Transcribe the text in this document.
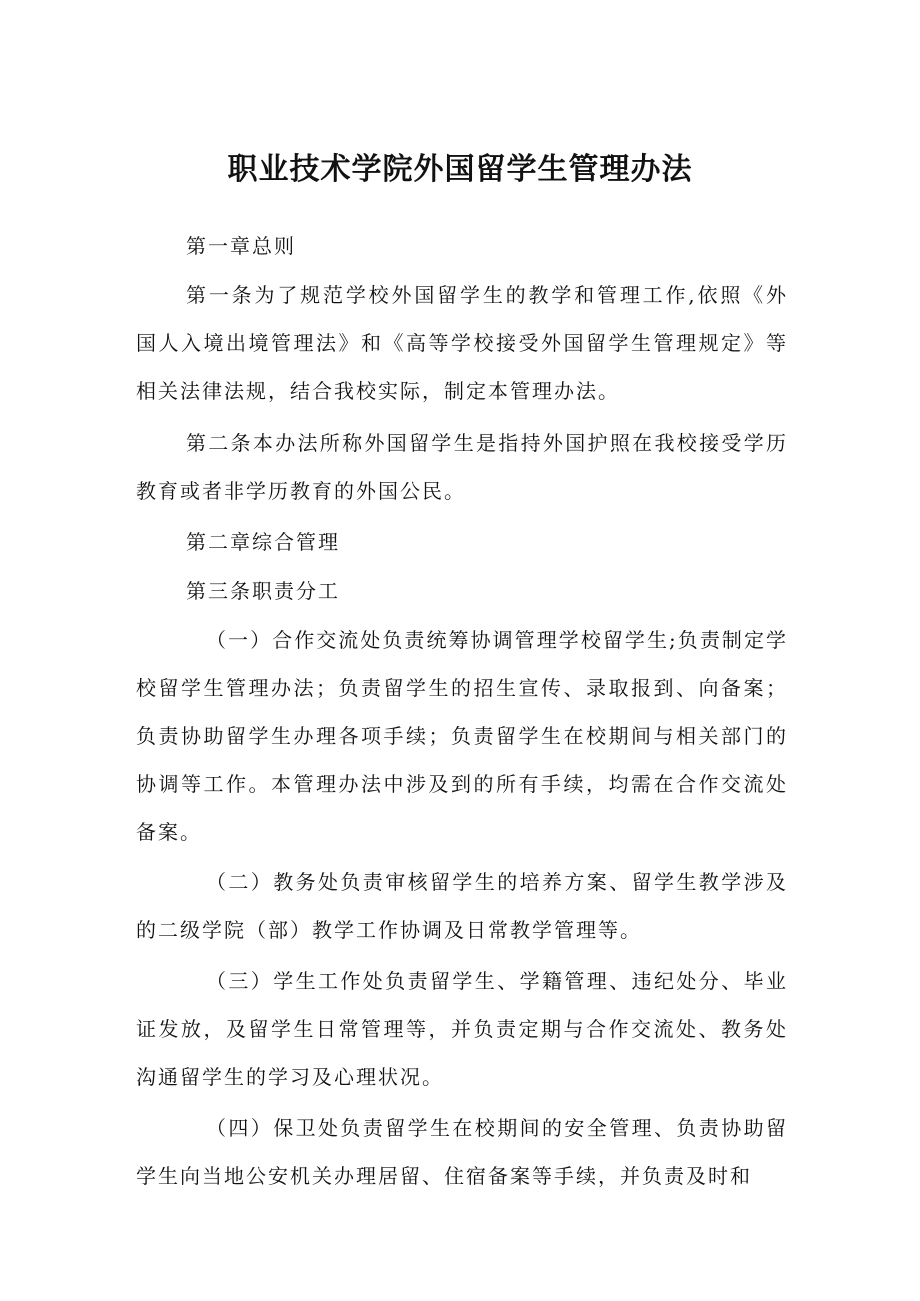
职业技术学院外国留学生管理办法

第一章总则

第一条为了规范学校外国留学生的教学和管理工作,依照《外国人入境出境管理法》和《高等学校接受外国留学生管理规定》等相关法律法规，结合我校实际，制定本管理办法。

第二条本办法所称外国留学生是指持外国护照在我校接受学历教育或者非学历教育的外国公民。

第二章综合管理

第三条职责分工

（一）合作交流处负责统筹协调管理学校留学生;负责制定学校留学生管理办法；负责留学生的招生宣传、录取报到、向备案；负责协助留学生办理各项手续；负责留学生在校期间与相关部门的协调等工作。本管理办法中涉及到的所有手续，均需在合作交流处备案。

（二）教务处负责审核留学生的培养方案、留学生教学涉及的二级学院（部）教学工作协调及日常教学管理等。

（三）学生工作处负责留学生、学籍管理、违纪处分、毕业证发放，及留学生日常管理等，并负责定期与合作交流处、教务处沟通留学生的学习及心理状况。

（四）保卫处负责留学生在校期间的安全管理、负责协助留学生向当地公安机关办理居留、住宿备案等手续，并负责及时和
